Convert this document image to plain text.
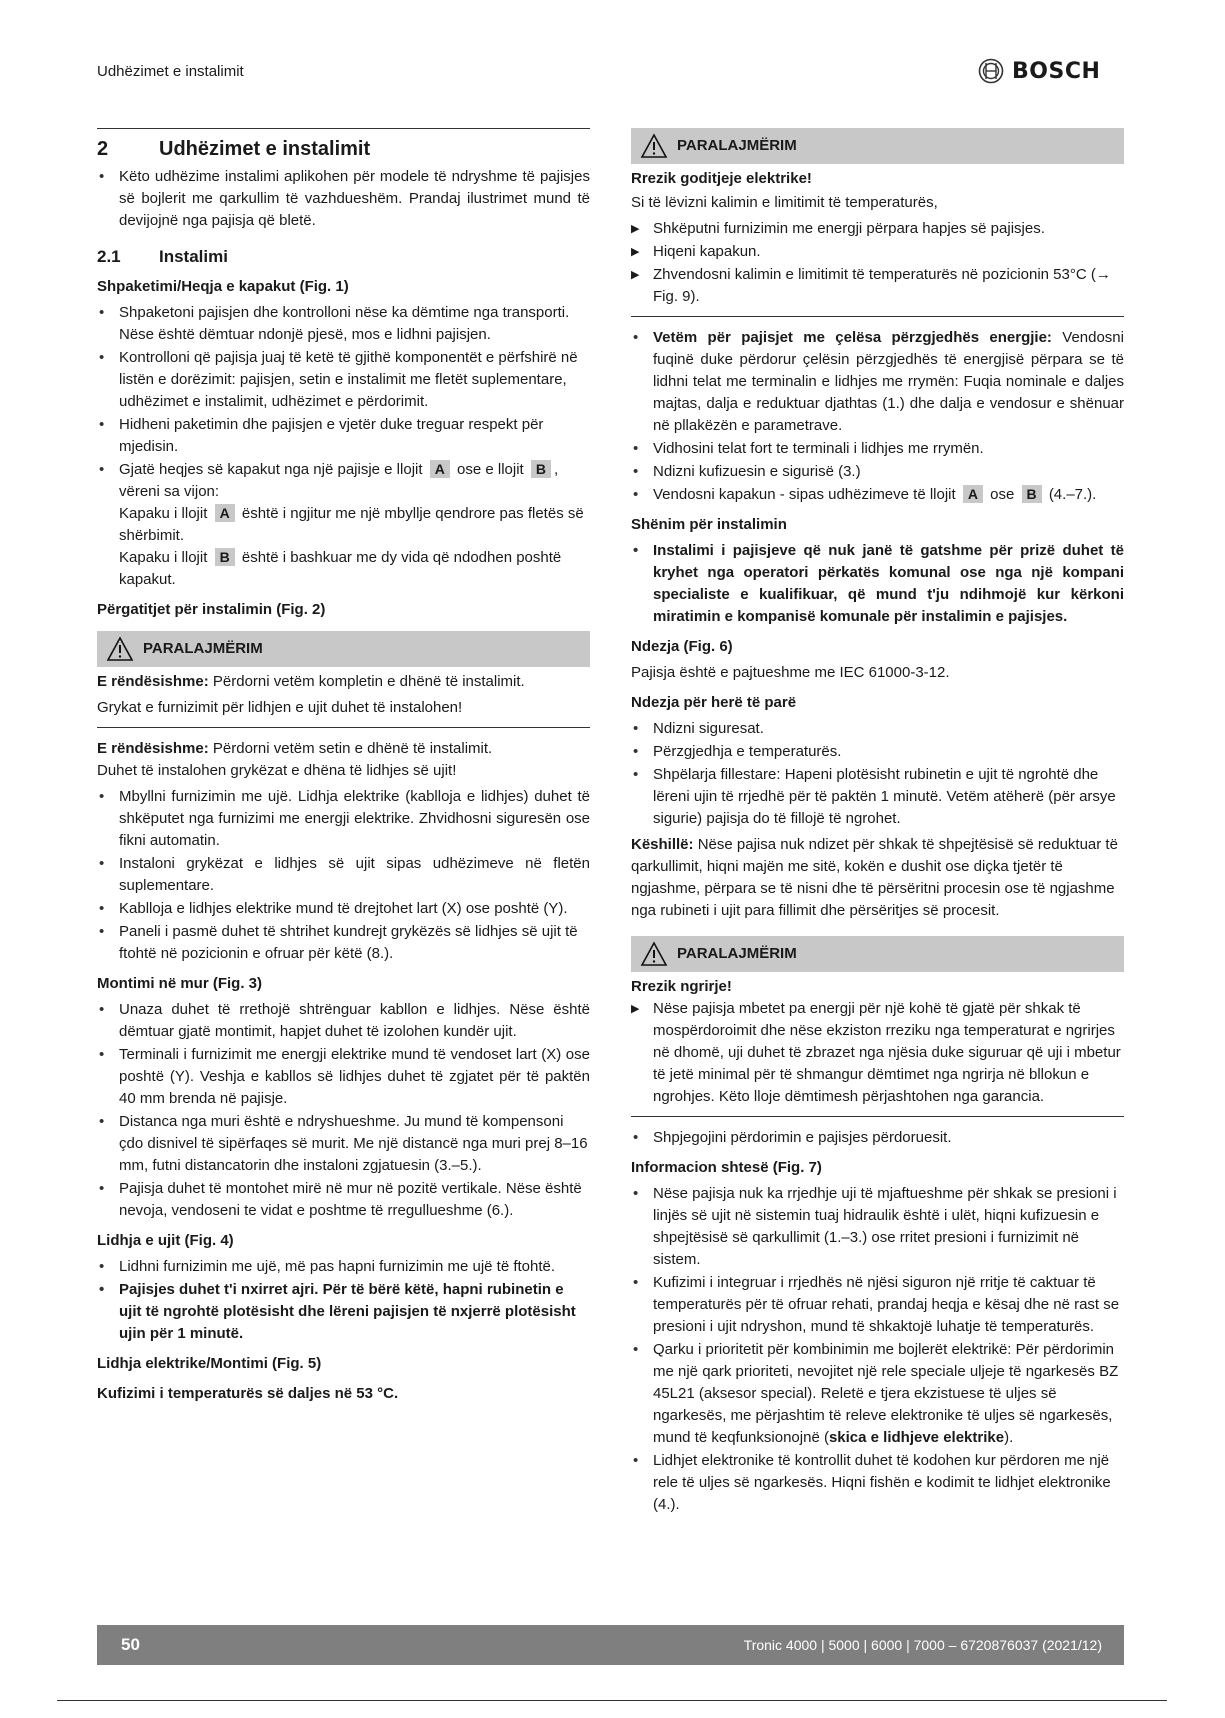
Udhëzimet e instalimit	BOSCH
2	Udhëzimet e instalimit
• Këto udhëzime instalimi aplikohen për modele të ndryshme të pajisjes së bojlerit me qarkullim të vazhdueshëm. Prandaj ilustrimet mund të devijojnë nga pajisja që bletë.
2.1	Instalimi
Shpaketimi/Heqja e kapakut (Fig. 1)
• Shpaketoni pajisjen dhe kontrolloni nëse ka dëmtime nga transporti. Nëse është dëmtuar ndonjë pjesë, mos e lidhni pajisjen.
• Kontrolloni që pajisja juaj të ketë të gjithë komponentët e përfshirë në listën e dorëzimit: pajisjen, setin e instalimit me fletët suplementare, udhëzimet e instalimit, udhëzimet e përdorimit.
• Hidheni paketimin dhe pajisjen e vjetër duke treguar respekt për mjedisin.
• Gjatë heqjes së kapakut nga një pajisje e llojit A ose e llojit B , vëreni sa vijon:
Kapaku i llojit A është i ngjitur me një mbyllje qendrore pas fletës së shërbimit.
Kapaku i llojit B është i bashkuar me dy vida që ndodhen poshtë kapakut.
Përgatitjet për instalimin (Fig. 2)
PARALAJMËRIM

E rëndësishme: Përdorni vetëm kompletin e dhënë të instalimit.

Grykat e furnizimit për lidhjen e ujit duhet të instalohen!

E rëndësishme: Përdorni vetëm setin e dhënë të instalimit.
Duhet të instalohen grykëzat e dhëna të lidhjes së ujit!

• Mbyllni furnizimin me ujë. Lidhja elektrike (kablloja e lidhjes) duhet të shkëputet nga furnizimi me energji elektrike. Zhvidhosni siguresën ose fikni automatin.
• Instaloni grykëzat e lidhjes së ujit sipas udhëzimeve në fletën suplementare.
• Kablloja e lidhjes elektrike mund të drejtohet lart (X) ose poshtë (Y).
• Paneli i pasmë duhet të shtrihet kundrejt grykëzës së lidhjes së ujit të ftohtë në pozicionin e ofruar për këtë (8.).
Montimi në mur (Fig. 3)
• Unaza duhet të rrethojë shtrënguar kabllon e lidhjes. Nëse është dëmtuar gjatë montimit, hapjet duhet të izolohen kundër ujit.
• Terminali i furnizimit me energji elektrike mund të vendoset lart (X) ose poshtë (Y). Veshja e kabllos së lidhjes duhet të zgjatet për të paktën 40 mm brenda në pajisje.
• Distanca nga muri është e ndryshueshme. Ju mund të kompensoni çdo disnivel të sipërfaqes së murit. Me një distancë nga muri prej 8–16 mm, futni distancatorin dhe instaloni zgjatuesin (3.–5.).
• Pajisja duhet të montohet mirë në mur në pozitë vertikale. Nëse është nevoja, vendoseni te vidat e poshtme të rregullueshme (6.).
Lidhja e ujit (Fig. 4)
• Lidhni furnizimin me ujë, më pas hapni furnizimin me ujë të ftohtë.
• Pajisjes duhet t'i nxirret ajri. Për të bërë këtë, hapni rubinetin e ujit të ngrohtë plotësisht dhe lëreni pajisjen të nxjerrë plotësisht ujin për 1 minutë.
Lidhja elektrike/Montimi (Fig. 5)
Kufizimi i temperaturës së daljes në 53 °C.
PARALAJMËRIM
Rrezik goditjeje elektrike!

Si të lëvizni kalimin e limitimit të temperaturës,

▶ Shkëputni furnizimin me energji përpara hapjes së pajisjes.
▶ Hiqeni kapakun.
▶ Zhvendosni kalimin e limitimit të temperaturës në pozicionin 53°C (→ Fig. 9).
• Vetëm për pajisjet me çelësa përzgjedhës energjie: Vendosni fuqinë duke përdorur çelësin përzgjedhës të energjisë përpara se të lidhni telat me terminalin e lidhjes me rrymën: Fuqia nominale e daljes majtas, dalja e reduktuar djathtas (1.) dhe dalja e vendosur e shënuar në pllakëzën e parametrave.
• Vidhosini telat fort te terminali i lidhjes me rrymën.
• Ndizni kufizuesin e sigurisë (3.)
• Vendosni kapakun - sipas udhëzimeve të llojit A ose B (4.–7.).
Shënim për instalimin
• Instalimi i pajisjeve që nuk janë të gatshme për prizë duhet të kryhet nga operatori përkatës komunal ose nga një kompani specialiste e kualifikuar, që mund t'ju ndihmojë kur kërkoni miratimin e kompanisë komunale për instalimin e pajisjes.
Ndezja (Fig. 6)

Pajisja është e pajtueshme me IEC 61000-3-12.

Ndezja për herë të parë
• Ndizni siguresat.
• Përzgjedhja e temperaturës.
• Shpëlarja fillestare: Hapeni plotësisht rubinetin e ujit të ngrohtë dhe lëreni ujin të rrjedhë për të paktën 1 minutë. Vetëm atëherë (për arsye sigurie) pajisja do të fillojë të ngrohet.

Këshillë: Nëse pajisa nuk ndizet për shkak të shpejtësisë së reduktuar të qarkullimit, hiqni majën me sitë, kokën e dushit ose diçka tjetër të ngjashme, përpara se të nisni dhe të përsëritni procesin ose të ngjashme nga rubineti i ujit para fillimit dhe përsëritjes së procesit.

PARALAJMËRIM
Rrezik ngrirje!
▶ Nëse pajisja mbetet pa energji për një kohë të gjatë për shkak të mospërdoroimit dhe nëse ekziston rreziku nga temperaturat e ngrirjes në dhomë, uji duhet të zbrazet nga njësia duke siguruar që uji i mbetur të jetë minimal për të shmangur dëmtimet nga ngrirja në bllokun e ngrohjes. Këto lloje dëmtimesh përjashtohen nga garancia.
• Shpjegojini përdorimin e pajisjes përdoruesit.
Informacion shtesë (Fig. 7)
• Nëse pajisja nuk ka rrjedhje uji të mjaftueshme për shkak se presioni i linjës së ujit në sistemin tuaj hidraulik është i ulët, hiqni kufizuesin e shpejtësisë së qarkullimit (1.–3.) ose rritet presioni i furnizimit në sistem.
• Kufizimi i integruar i rrjedhës në njësi siguron një rritje të caktuar të temperaturës për të ofruar rehati, prandaj heqja e kësaj dhe në rast se presioni i ujit ndryshon, mund të shkaktojë luhatje të temperaturës.
• Qarku i prioritetit për kombinimin me bojlerët elektrikë: Për përdorimin me një qark prioriteti, nevojitet një rele speciale uljeje të ngarkesës BZ 45L21 (aksesor special). Reletë e tjera ekzistuese të uljes së ngarkesës, me përjashtim të releve elektronike të uljes së ngarkesës, mund të keqfunksionojnë (skica e lidhjeve elektrike).
• Lidhjet elektronike të kontrollit duhet të kodohen kur përdoren me një rele të uljes së ngarkesës. Hiqni fishën e kodimit te lidhjet elektronike (4.).
50	Tronic 4000 | 5000 | 6000 | 7000 – 6720876037 (2021/12)
